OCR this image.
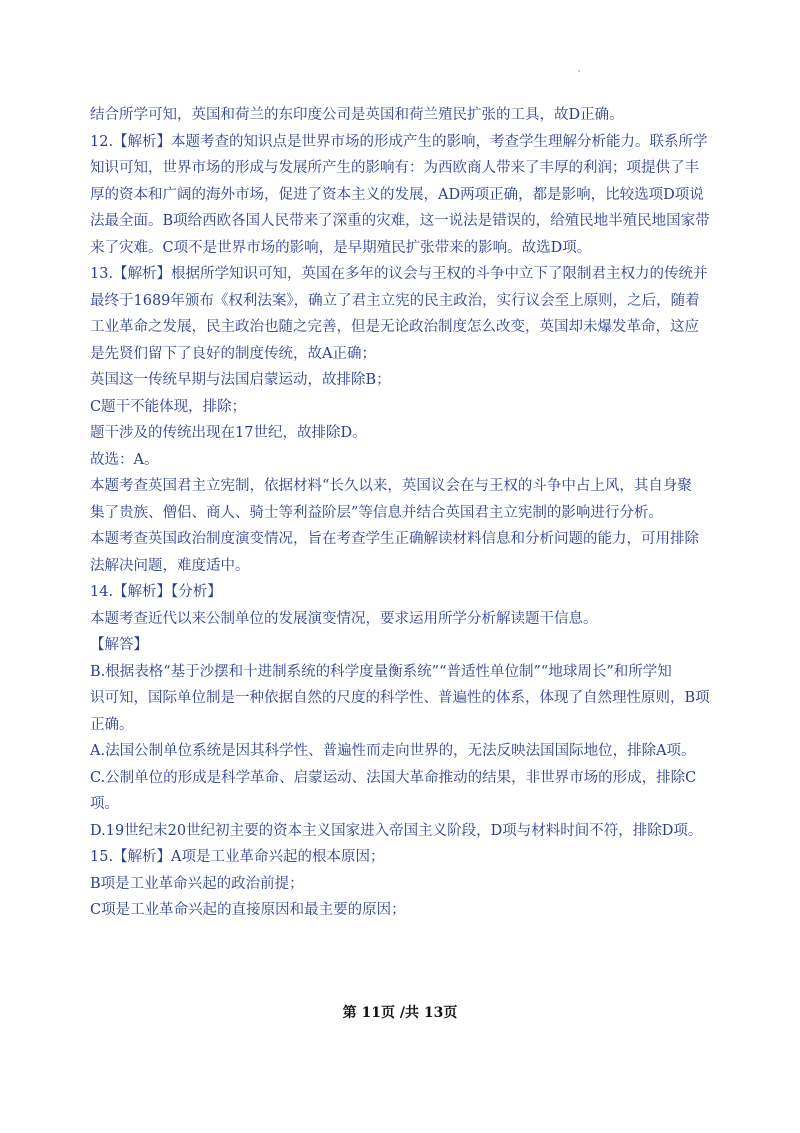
结合所学可知，英国和荷兰的东印度公司是英国和荷兰殖民扩张的工具，故D正确。
12.【解析】本题考查的知识点是世界市场的形成产生的影响，考查学生理解分析能力。联系所学
知识可知，世界市场的形成与发展所产生的影响有：为西欧商人带来了丰厚的利润；项提供了丰
厚的资本和广阔的海外市场，促进了资本主义的发展，AD两项正确，都是影响，比较选项D项说
法最全面。B项给西欧各国人民带来了深重的灾难，这一说法是错误的，给殖民地半殖民地国家带
来了灾难。C项不是世界市场的影响，是早期殖民扩张带来的影响。故选D项。
13.【解析】根据所学知识可知，英国在多年的议会与王权的斗争中立下了限制君主权力的传统并
最终于1689年颁布《权利法案》，确立了君主立宪的民主政治，实行议会至上原则，之后，随着
工业革命之发展，民主政治也随之完善，但是无论政治制度怎么改变，英国却未爆发革命，这应
是先贤们留下了良好的制度传统，故A正确；
英国这一传统早期与法国启蒙运动，故排除B；
C题干不能体现，排除；
题干涉及的传统出现在17世纪，故排除D。
故选：A。
本题考查英国君主立宪制，依据材料“长久以来，英国议会在与王权的斗争中占上风，其自身聚
集了贵族、僧侣、商人、骑士等利益阶层”等信息并结合英国君主立宪制的影响进行分析。
本题考查英国政治制度演变情况，旨在考查学生正确解读材料信息和分析问题的能力，可用排除
法解决问题，难度适中。
14.【解析】【分析】
本题考查近代以来公制单位的发展演变情况，要求运用所学分析解读题干信息。
【解答】
B.根据表格“基于沙摆和十进制系统的科学度量衡系统”“普适性单位制”“地球周长”和所学知
识可知，国际单位制是一种依据自然的尺度的科学性、普遍性的体系，体现了自然理性原则，B项
正确。
A.法国公制单位系统是因其科学性、普遍性而走向世界的，无法反映法国国际地位，排除A项。
C.公制单位的形成是科学革命、启蒙运动、法国大革命推动的结果，非世界市场的形成，排除C
项。
D.19世纪末20世纪初主要的资本主义国家进入帝国主义阶段，D项与材料时间不符，排除D项。
15.【解析】A项是工业革命兴起的根本原因；
B项是工业革命兴起的政治前提；
C项是工业革命兴起的直接原因和最主要的原因；
第 11页 /共 13页
